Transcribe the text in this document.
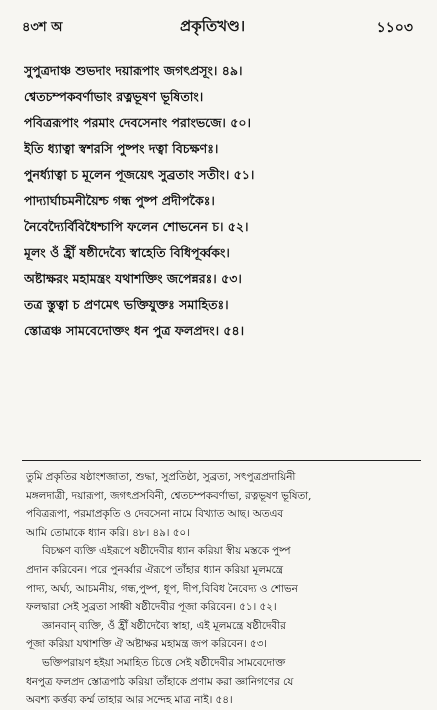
৪৩শ অ	প্রকৃতিখণ্ড।	১১০৩
সুপুত্রদাঞ্চ শুভদাং দয়ারূপাং জগৎপ্রসূং। ৪৯।
শ্বেতচম্পকবর্ণাভাং রত্নভূষণ ভূষিতাং।
পবিত্ররূপাং পরমাং দেবসেনাং পরাংভজে। ৫০।
ইতি ধ্যাত্বা স্বশরসি পুষ্পং দত্বা বিচক্ষণঃ।
পুনর্ধ্যাত্বা চ মূলেন পূজয়েৎ সুব্রতাং সতীং। ৫১।
পাদ্যার্ঘাচমনীয়ৈশ্চ গন্ধ পুষ্প প্রদীপকৈঃ।
নৈবেদ্যৈর্বিবিধৈশ্চাপি ফলেন শোভনেন চ। ৫২।
মূলং ওঁ হ্রীঁ ষষ্ঠীদেব্যৈ স্বাহেতি বিধিপূর্ব্বকং।
অষ্টাক্ষরং মহামন্ত্রং যথাশক্তিং জপেন্নরঃ। ৫৩।
তত্র স্তুত্বা চ প্রণমেৎ ভক্তিযুক্তঃ সমাহিতঃ।
স্তোত্রঞ্চ সামবেদোক্তং ধন পুত্র ফলপ্রদং। ৫৪।
তুমি প্রকৃতির ষষ্ঠাংশজাতা, শুদ্ধা, সুপ্রতিষ্ঠা, সুব্রতা, সৎপুত্রপ্রদায়িনী
মঙ্গলদাত্রী, দয়ারূপা, জগৎপ্রসবিনী, শ্বেতচম্পকবর্ণাভা, রত্নভূষণ ভূষিতা,
পবিত্ররূপা, পরমাপ্রকৃতি ও দেবসেনা নামে বিখ্যাত আছ। অতএব
আমি তোমাকে ধ্যান করি। ৪৮। ৪৯। ৫০।
বিচক্ষণ ব্যক্তি এইরূপে ষষ্ঠীদেবীর ধ্যান করিয়া স্বীয় মস্তকে পুষ্প
প্রদান করিবেন। পরে পুনর্ব্বার ঐরূপে তাঁহার ধ্যান করিয়া মূলমন্ত্রে
পাদ্য, অর্ঘ্য, আচমনীয়, গন্ধ,পুষ্প, ধূপ, দীপ,বিবিধ নৈবেদ্য ও শোভন
ফলদ্বারা সেই সুব্রতা সাধ্বী ষষ্ঠীদেবীর পূজা করিবেন। ৫১। ৫২।
জ্ঞানবান্ ব্যক্তি, ওঁ হ্রীঁ ষষ্ঠীদেব্যৈ স্বাহা, এই মূলমন্ত্রে ষষ্ঠীদেবীর
পূজা করিয়া যথাশক্তি ঐ অষ্টাক্ষর মহামন্ত্র জপ করিবেন। ৫৩।
ভক্তিপরায়ণ হইয়া সমাহিত চিত্তে সেই ষষ্ঠীদেবীর সামবেদোক্ত
ধনপুত্র ফলপ্রদ স্তোত্রপাঠ করিয়া তাঁহাকে প্রণাম করা জ্ঞানিগণের যে
অবশ্য কর্ত্তব্য কর্ম্ম তাহার আর সন্দেহ মাত্র নাই। ৫৪।
